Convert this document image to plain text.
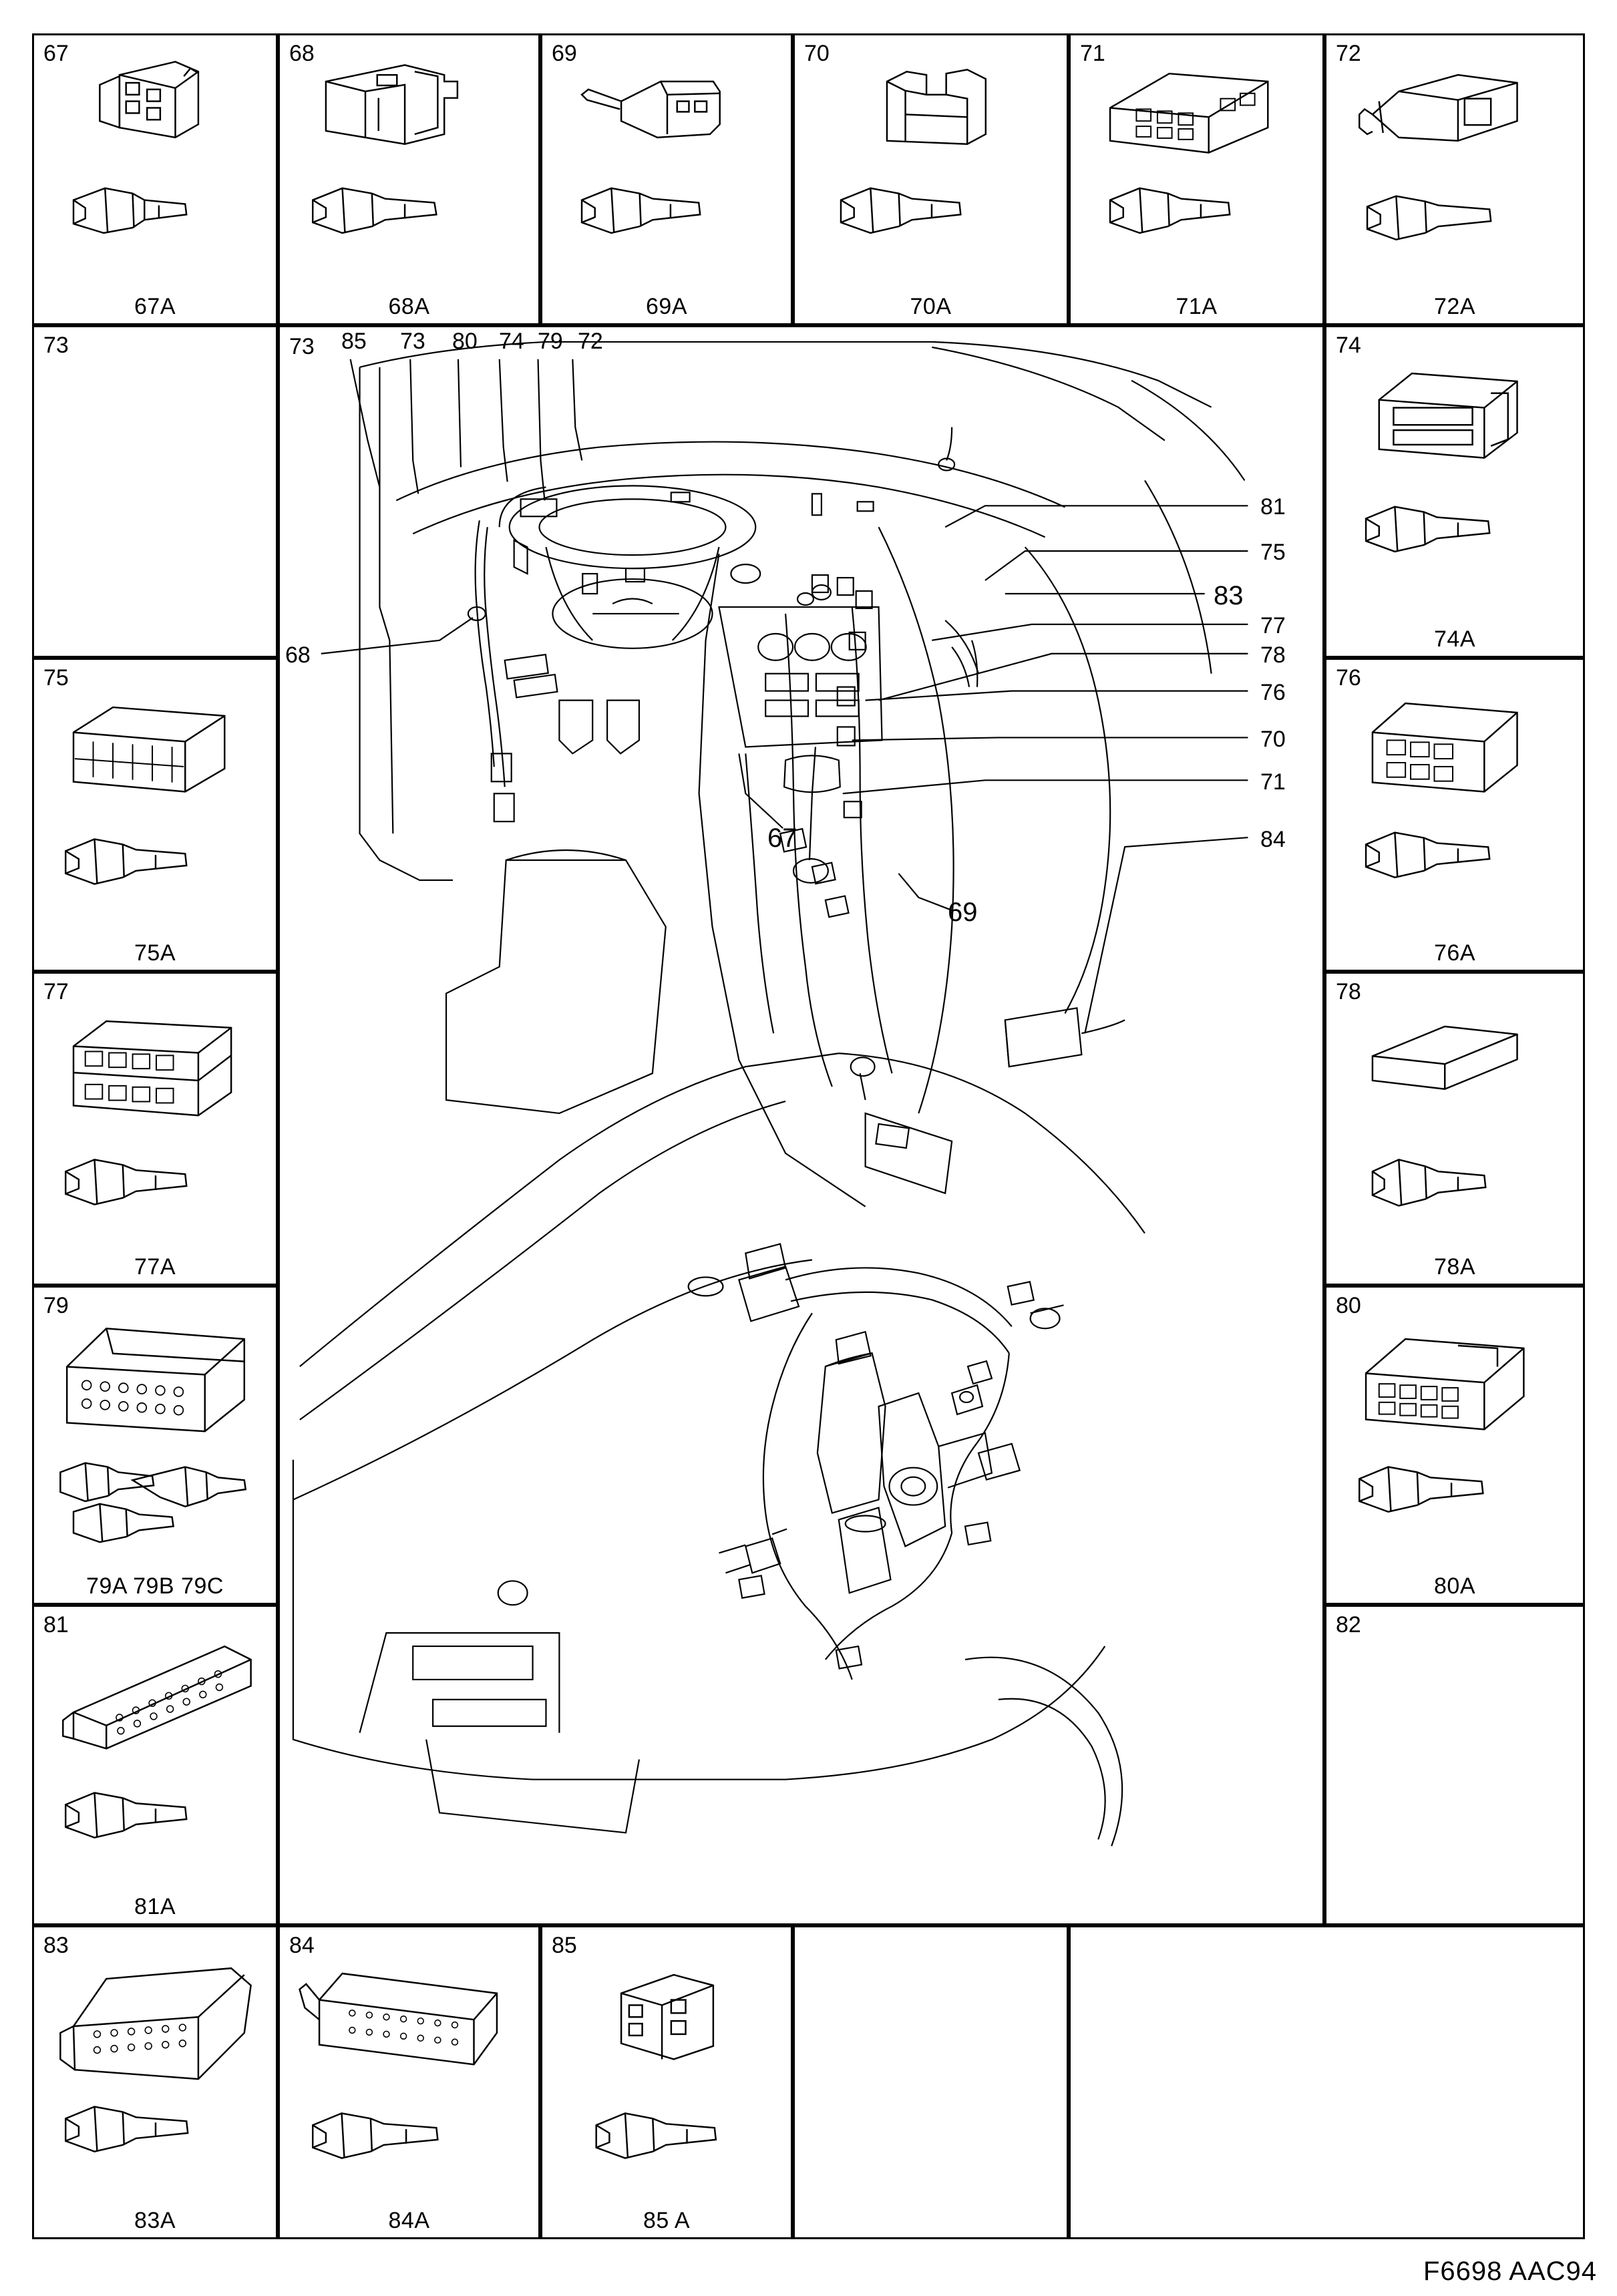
67
67A
68
68A
69
69A
70
70A
71
71A
72
72A
73
75
75A
77
77A
79
79A 79B 79C
81
81A
74
74A
76
76A
78
78A
80
80A
82
73 85 73 80 74 79 72
81
75
83
77
78
76
70
71
84
68
67
69
83
83A
84
84A
85
85 A
F6698 AAC94
